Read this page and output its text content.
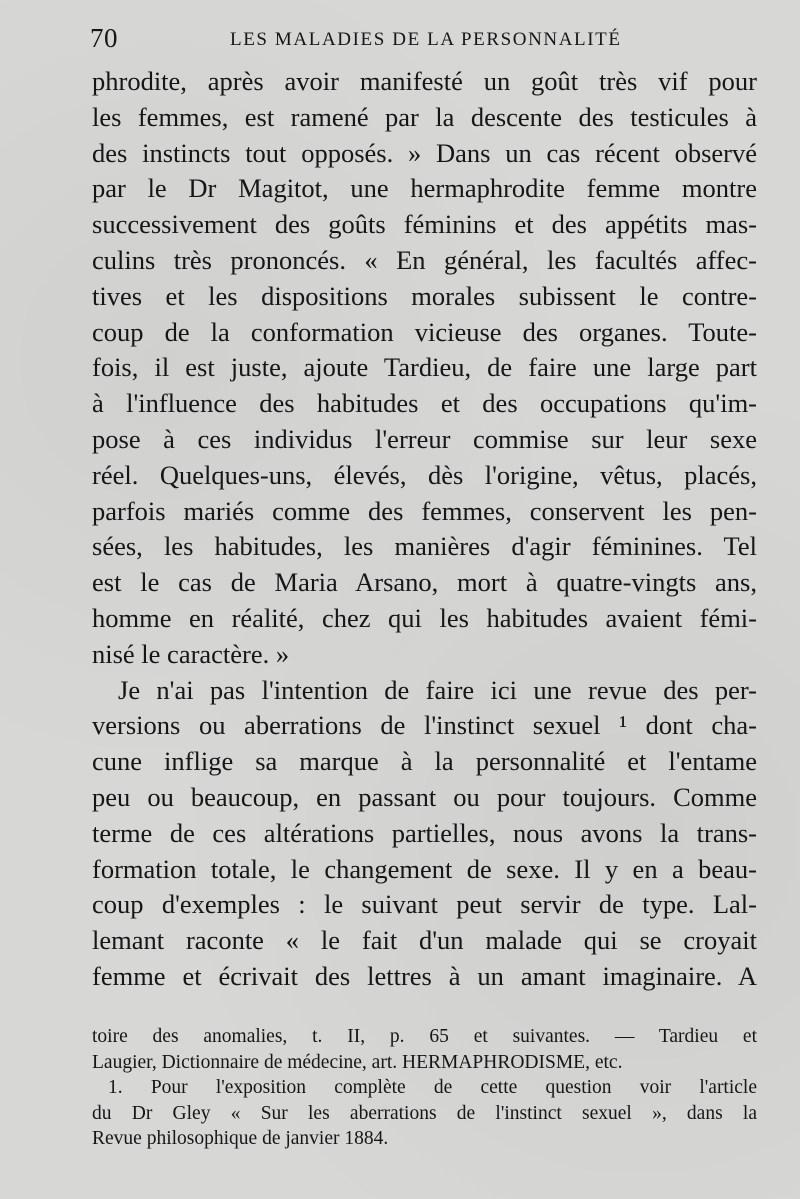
70	LES MALADIES DE LA PERSONNALITÉ
phrodite, après avoir manifesté un goût très vif pour
les femmes, est ramené par la descente des testicules à
des instincts tout opposés. » Dans un cas récent observé
par le Dr Magitot, une hermaphrodite femme montre
successivement des goûts féminins et des appétits mas-
culins très prononcés. « En général, les facultés affec-
tives et les dispositions morales subissent le contre-
coup de la conformation vicieuse des organes. Toute-
fois, il est juste, ajoute Tardieu, de faire une large part
à l'influence des habitudes et des occupations qu'im-
pose à ces individus l'erreur commise sur leur sexe
réel. Quelques-uns, élevés, dès l'origine, vêtus, placés,
parfois mariés comme des femmes, conservent les pen-
sées, les habitudes, les manières d'agir féminines. Tel
est le cas de Maria Arsano, mort à quatre-vingts ans,
homme en réalité, chez qui les habitudes avaient fémi-
nisé le caractère. »
Je n'ai pas l'intention de faire ici une revue des per-
versions ou aberrations de l'instinct sexuel ¹ dont cha-
cune inflige sa marque à la personnalité et l'entame
peu ou beaucoup, en passant ou pour toujours. Comme
terme de ces altérations partielles, nous avons la trans-
formation totale, le changement de sexe. Il y en a beau-
coup d'exemples : le suivant peut servir de type. Lal-
lemant raconte « le fait d'un malade qui se croyait
femme et écrivait des lettres à un amant imaginaire. A
toire des anomalies, t. II, p. 65 et suivantes. — Tardieu et
Laugier, Dictionnaire de médecine, art. HERMAPHRODISME, etc.
1. Pour l'exposition complète de cette question voir l'article
du Dr Gley « Sur les aberrations de l'instinct sexuel », dans la
Revue philosophique de janvier 1884.
